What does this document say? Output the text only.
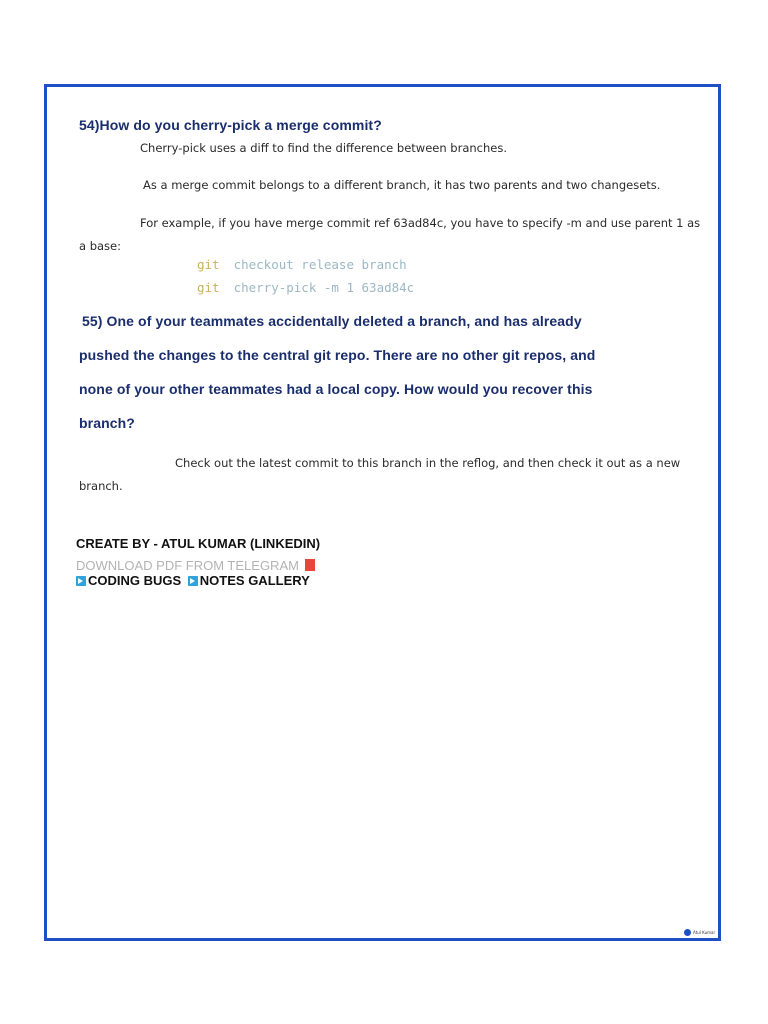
54)How do you cherry-pick a merge commit?

Cherry-pick uses a diff to find the difference between branches.

As a merge commit belongs to a different branch, it has two parents and two changesets.

For example, if you have merge commit ref 63ad84c, you have to specify -m and use parent 1 as

a base:

git checkout release branch
git cherry-pick -m 1 63ad84c

55) One of your teammates accidentally deleted a branch, and has already

pushed the changes to the central git repo. There are no other git repos, and

none of your other teammates had a local copy. How would you recover this

branch?

Check out the latest commit to this branch in the reflog, and then check it out as a new

branch.

CREATE BY - ATUL KUMAR (LINKEDIN)

DOWNLOAD PDF FROM TELEGRAM

CODING BUGS NOTES GALLERY

Atul Kumar
